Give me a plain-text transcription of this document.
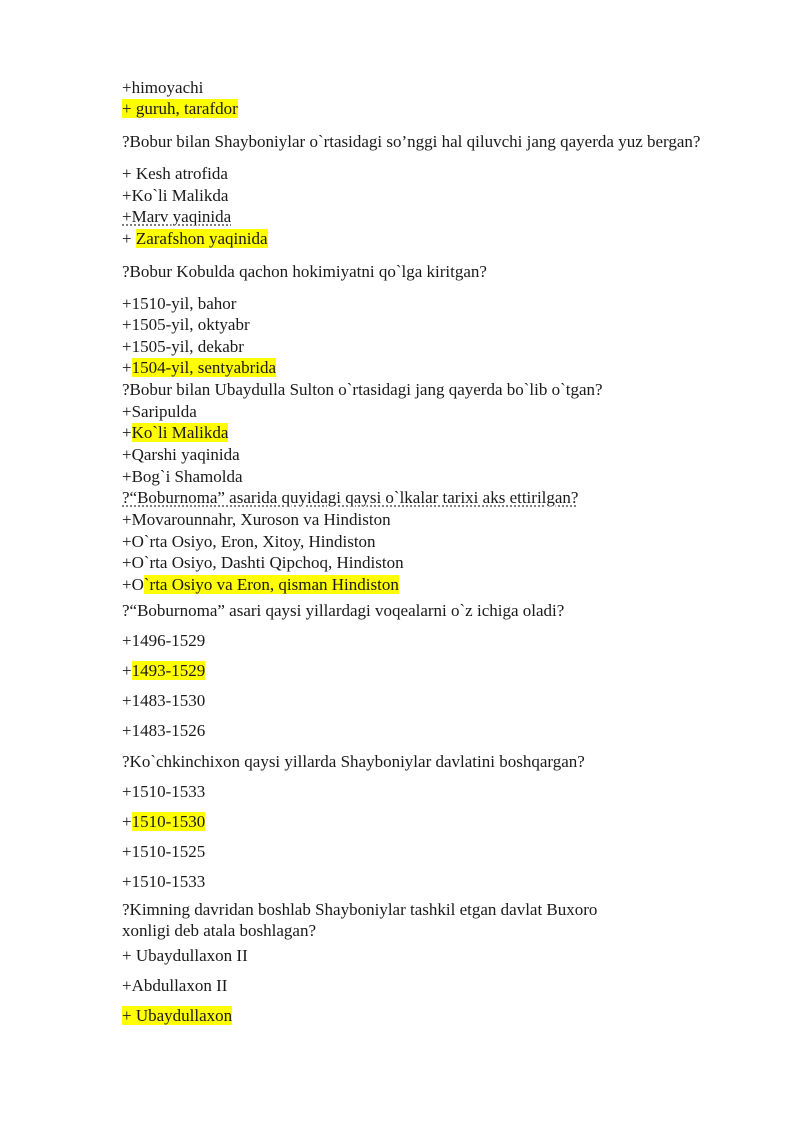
+himoyachi
+ guruh, tarafdor
?Bobur bilan Shayboniylar o`rtasidagi so’nggi hal qiluvchi jang qayerda yuz bergan?
+ Kesh atrofida
+Ko`li Malikda
+Marv yaqinida
+ Zarafshon yaqinida
?Bobur Kobulda qachon hokimiyatni qo`lga kiritgan?
+1510-yil, bahor
+1505-yil, oktyabr
+1505-yil, dekabr
+1504-yil, sentyabrida
?Bobur bilan Ubaydulla Sulton o`rtasidagi jang qayerda bo`lib o`tgan?
+Saripulda
+Ko`li Malikda
+Qarshi yaqinida
+Bog`i Shamolda
?“Boburnoma” asarida quyidagi qaysi o`lkalar tarixi aks ettirilgan?
+Movarounnahr, Xuroson va Hindiston
+O`rta Osiyo, Eron, Xitoy, Hindiston
+O`rta Osiyo, Dashti Qipchoq, Hindiston
+O`rta Osiyo va Eron, qisman Hindiston
?“Boburnoma” asari qaysi yillardagi voqealarni o`z ichiga oladi?
+1496-1529
+1493-1529
+1483-1530
+1483-1526
?Ko`chkinchixon qaysi yillarda Shayboniylar davlatini boshqargan?
+1510-1533
+1510-1530
+1510-1525
+1510-1533
?Kimning davridan boshlab Shayboniylar tashkil etgan davlat Buxoro
xonligi deb atala boshlagan?
+ Ubaydullaxon II
+Abdullaxon II
+ Ubaydullaxon
